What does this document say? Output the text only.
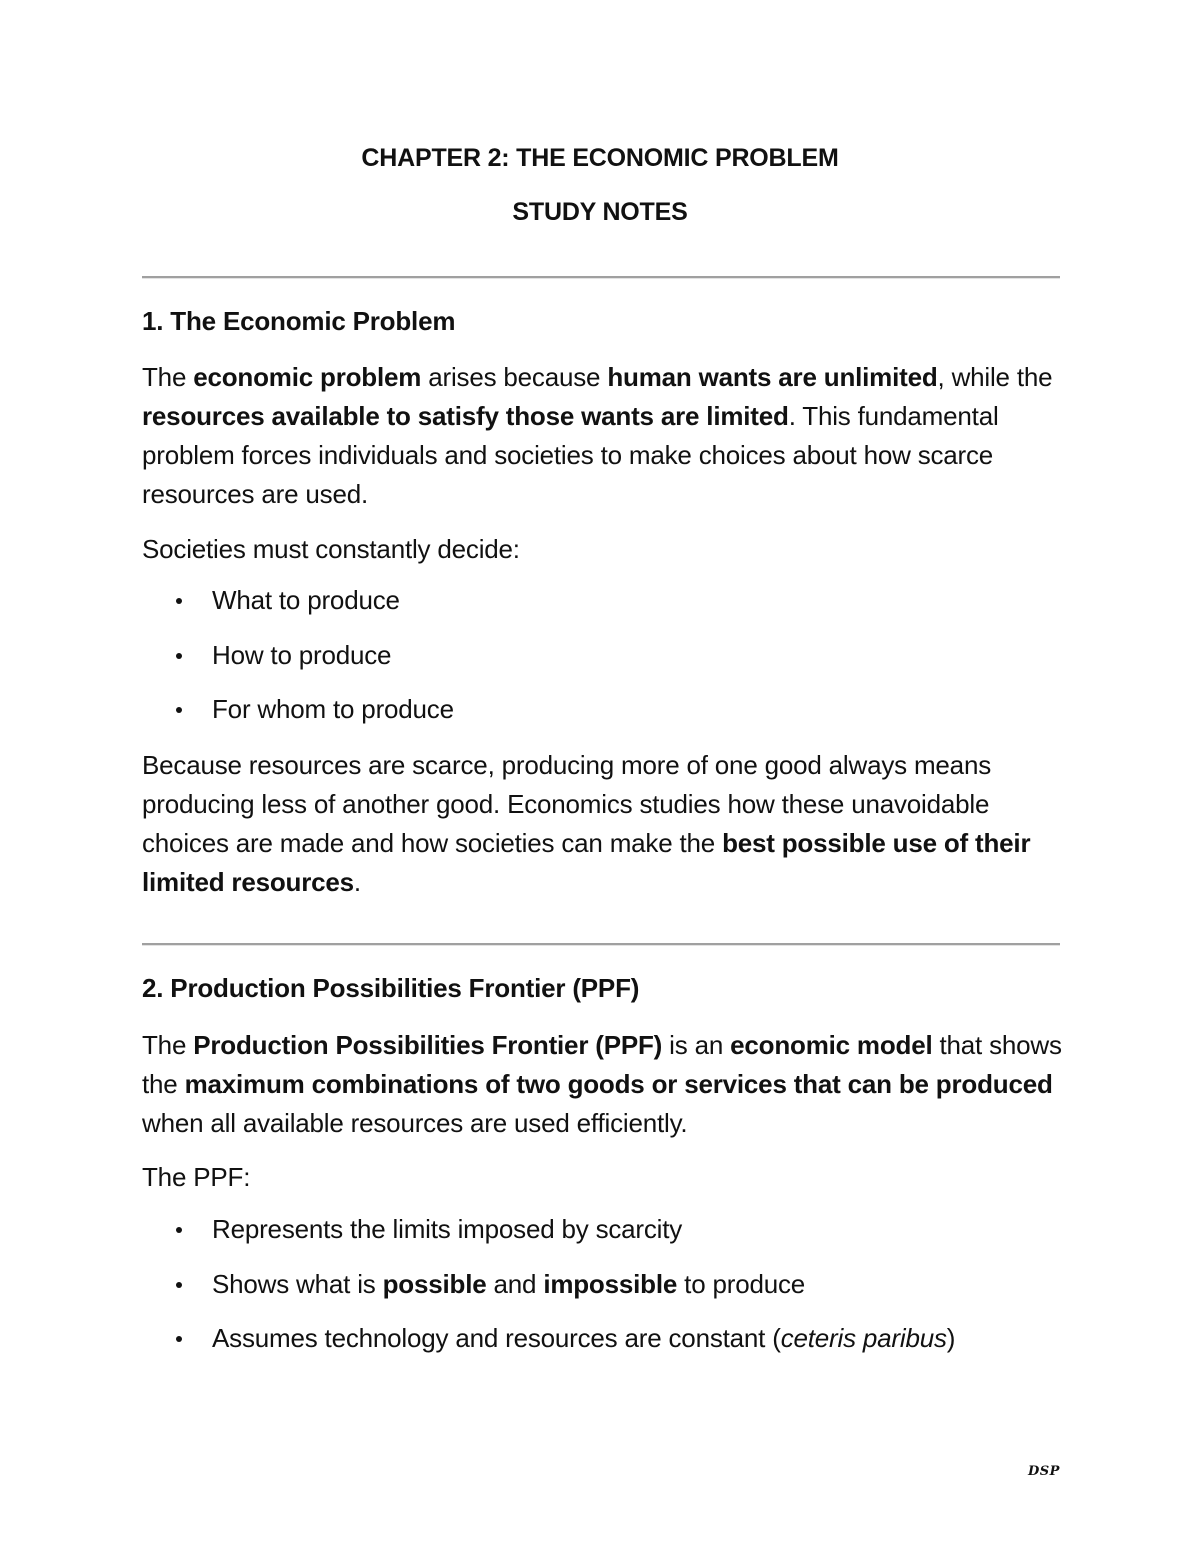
CHAPTER 2: THE ECONOMIC PROBLEM
STUDY NOTES
1. The Economic Problem

The economic problem arises because human wants are unlimited, while the resources available to satisfy those wants are limited. This fundamental problem forces individuals and societies to make choices about how scarce resources are used.

Societies must constantly decide:

What to produce
How to produce
For whom to produce

Because resources are scarce, producing more of one good always means producing less of another good. Economics studies how these unavoidable choices are made and how societies can make the best possible use of their limited resources.

2. Production Possibilities Frontier (PPF)

The Production Possibilities Frontier (PPF) is an economic model that shows the maximum combinations of two goods or services that can be produced when all available resources are used efficiently.

The PPF:

Represents the limits imposed by scarcity
Shows what is possible and impossible to produce
Assumes technology and resources are constant (ceteris paribus)
DSP
